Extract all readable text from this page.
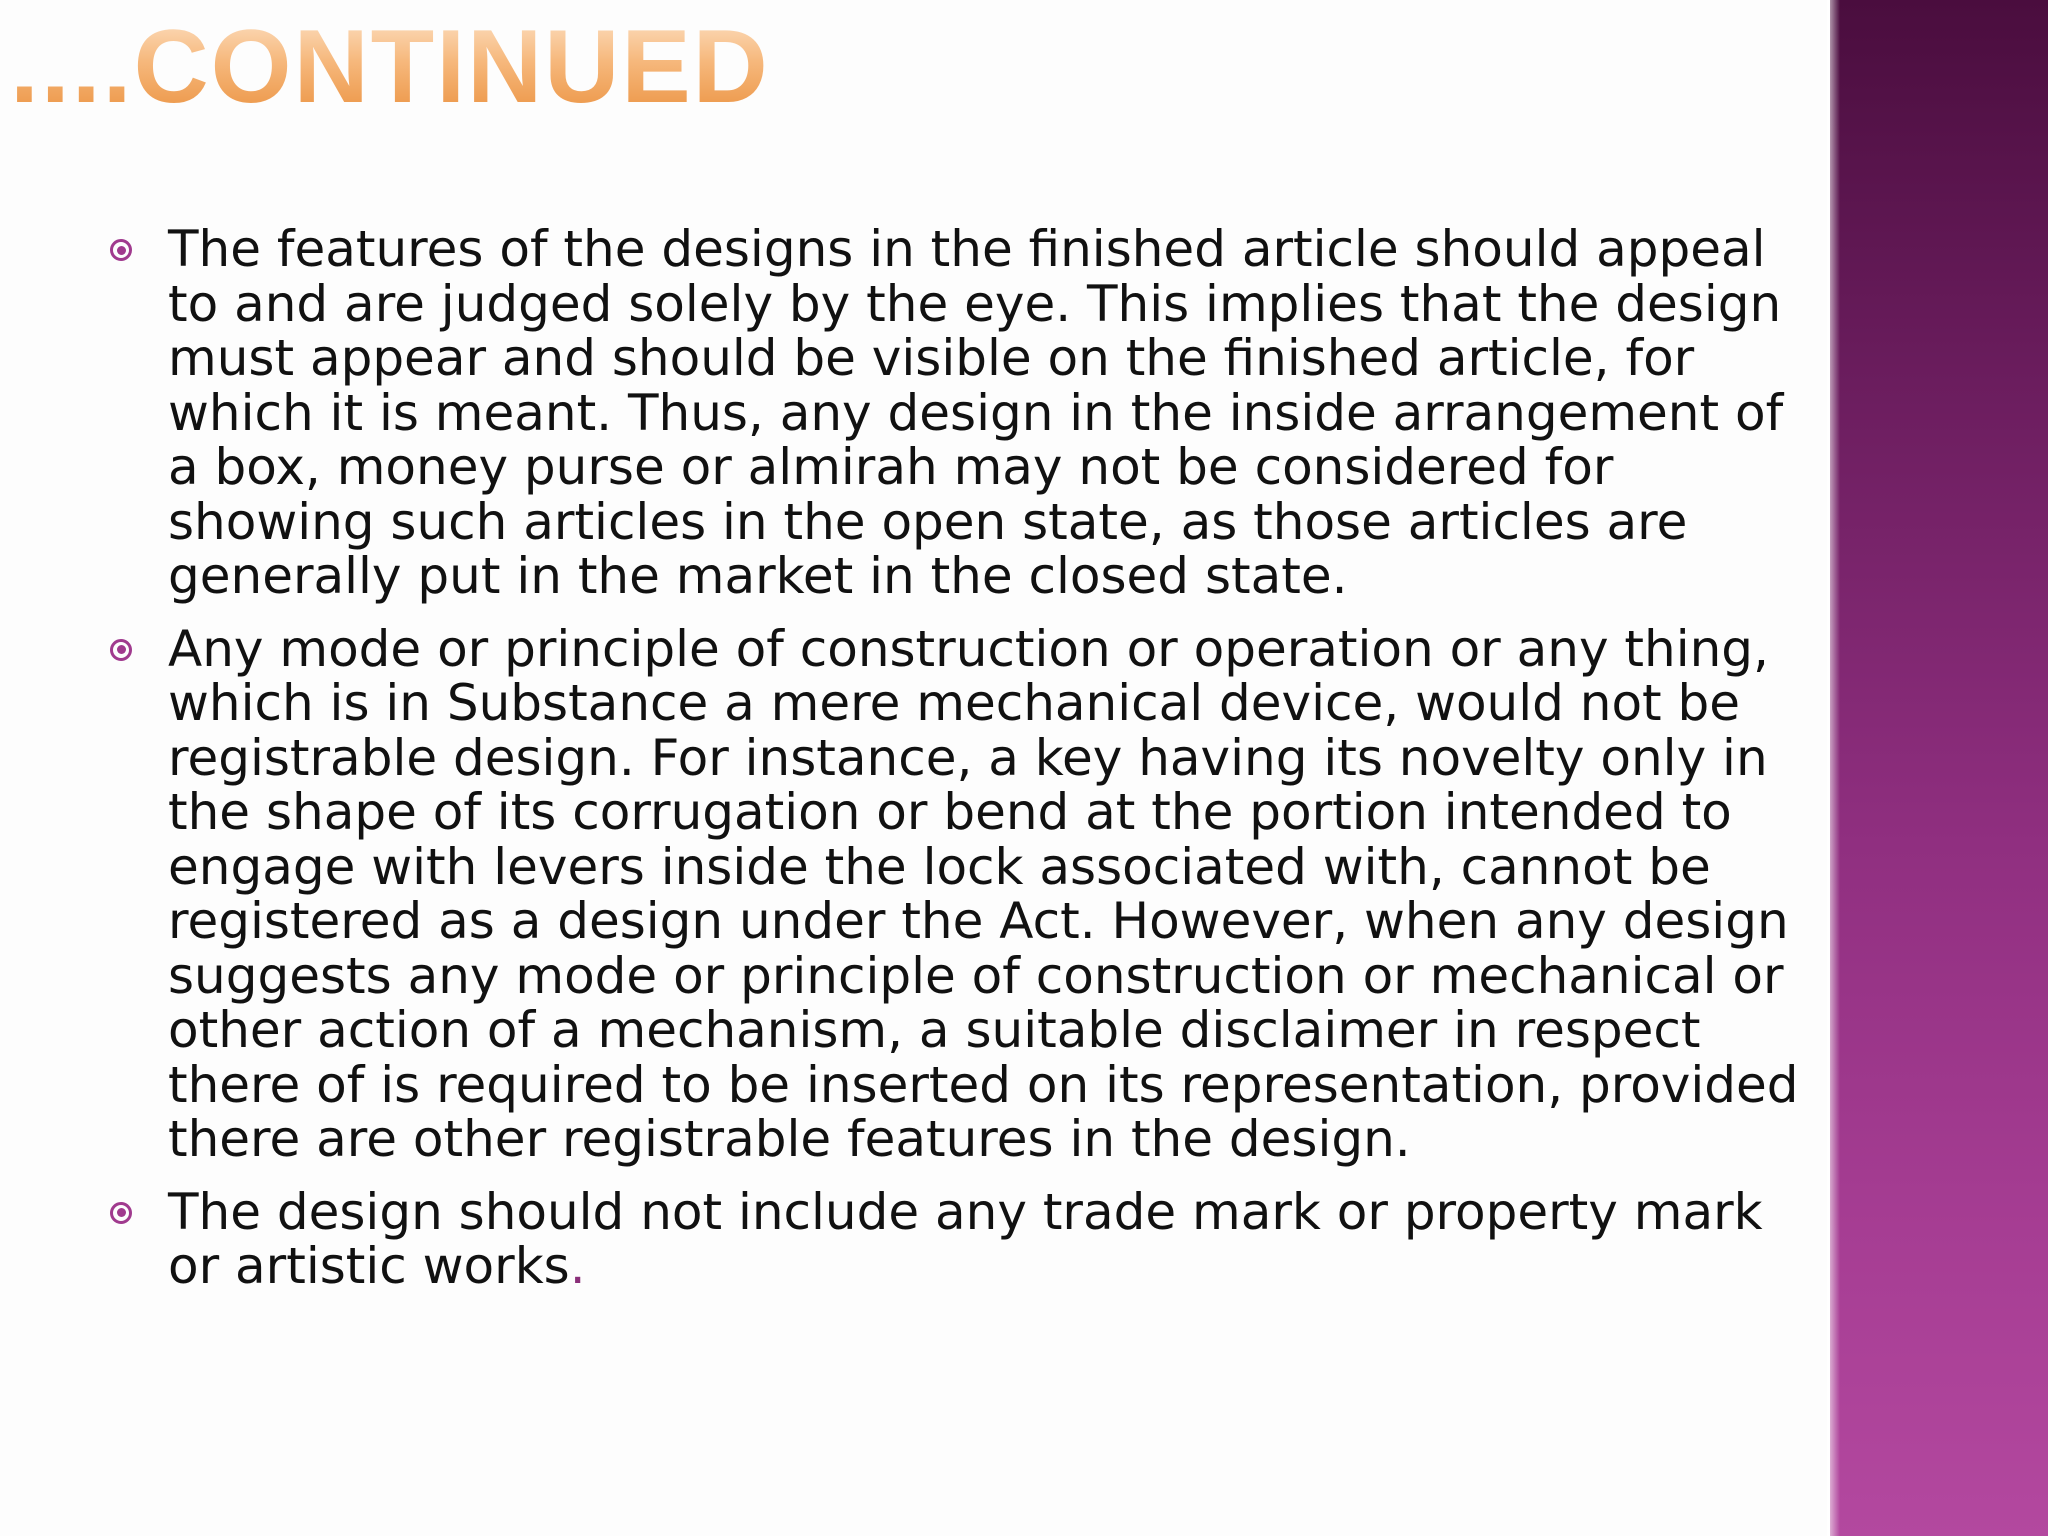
....CONTINUED
The features of the designs in the finished article should appeal to and are judged solely by the eye. This implies that the design must appear and should be visible on the finished article, for which it is meant. Thus, any design in the inside arrangement of a box, money purse or almirah may not be considered for showing such articles in the open state, as those articles are generally put in the market in the closed state.
Any mode or principle of construction or operation or any thing, which is in Substance a mere mechanical device, would not be registrable design. For instance, a key having its novelty only in the shape of its corrugation or bend at the portion intended to engage with levers inside the lock associated with, cannot be registered as a design under the Act. However, when any design suggests any mode or principle of construction or mechanical or other action of a mechanism, a suitable disclaimer in respect there of is required to be inserted on its representation, provided there are other registrable features in the design.
The design should not include any trade mark or property mark or artistic works.
